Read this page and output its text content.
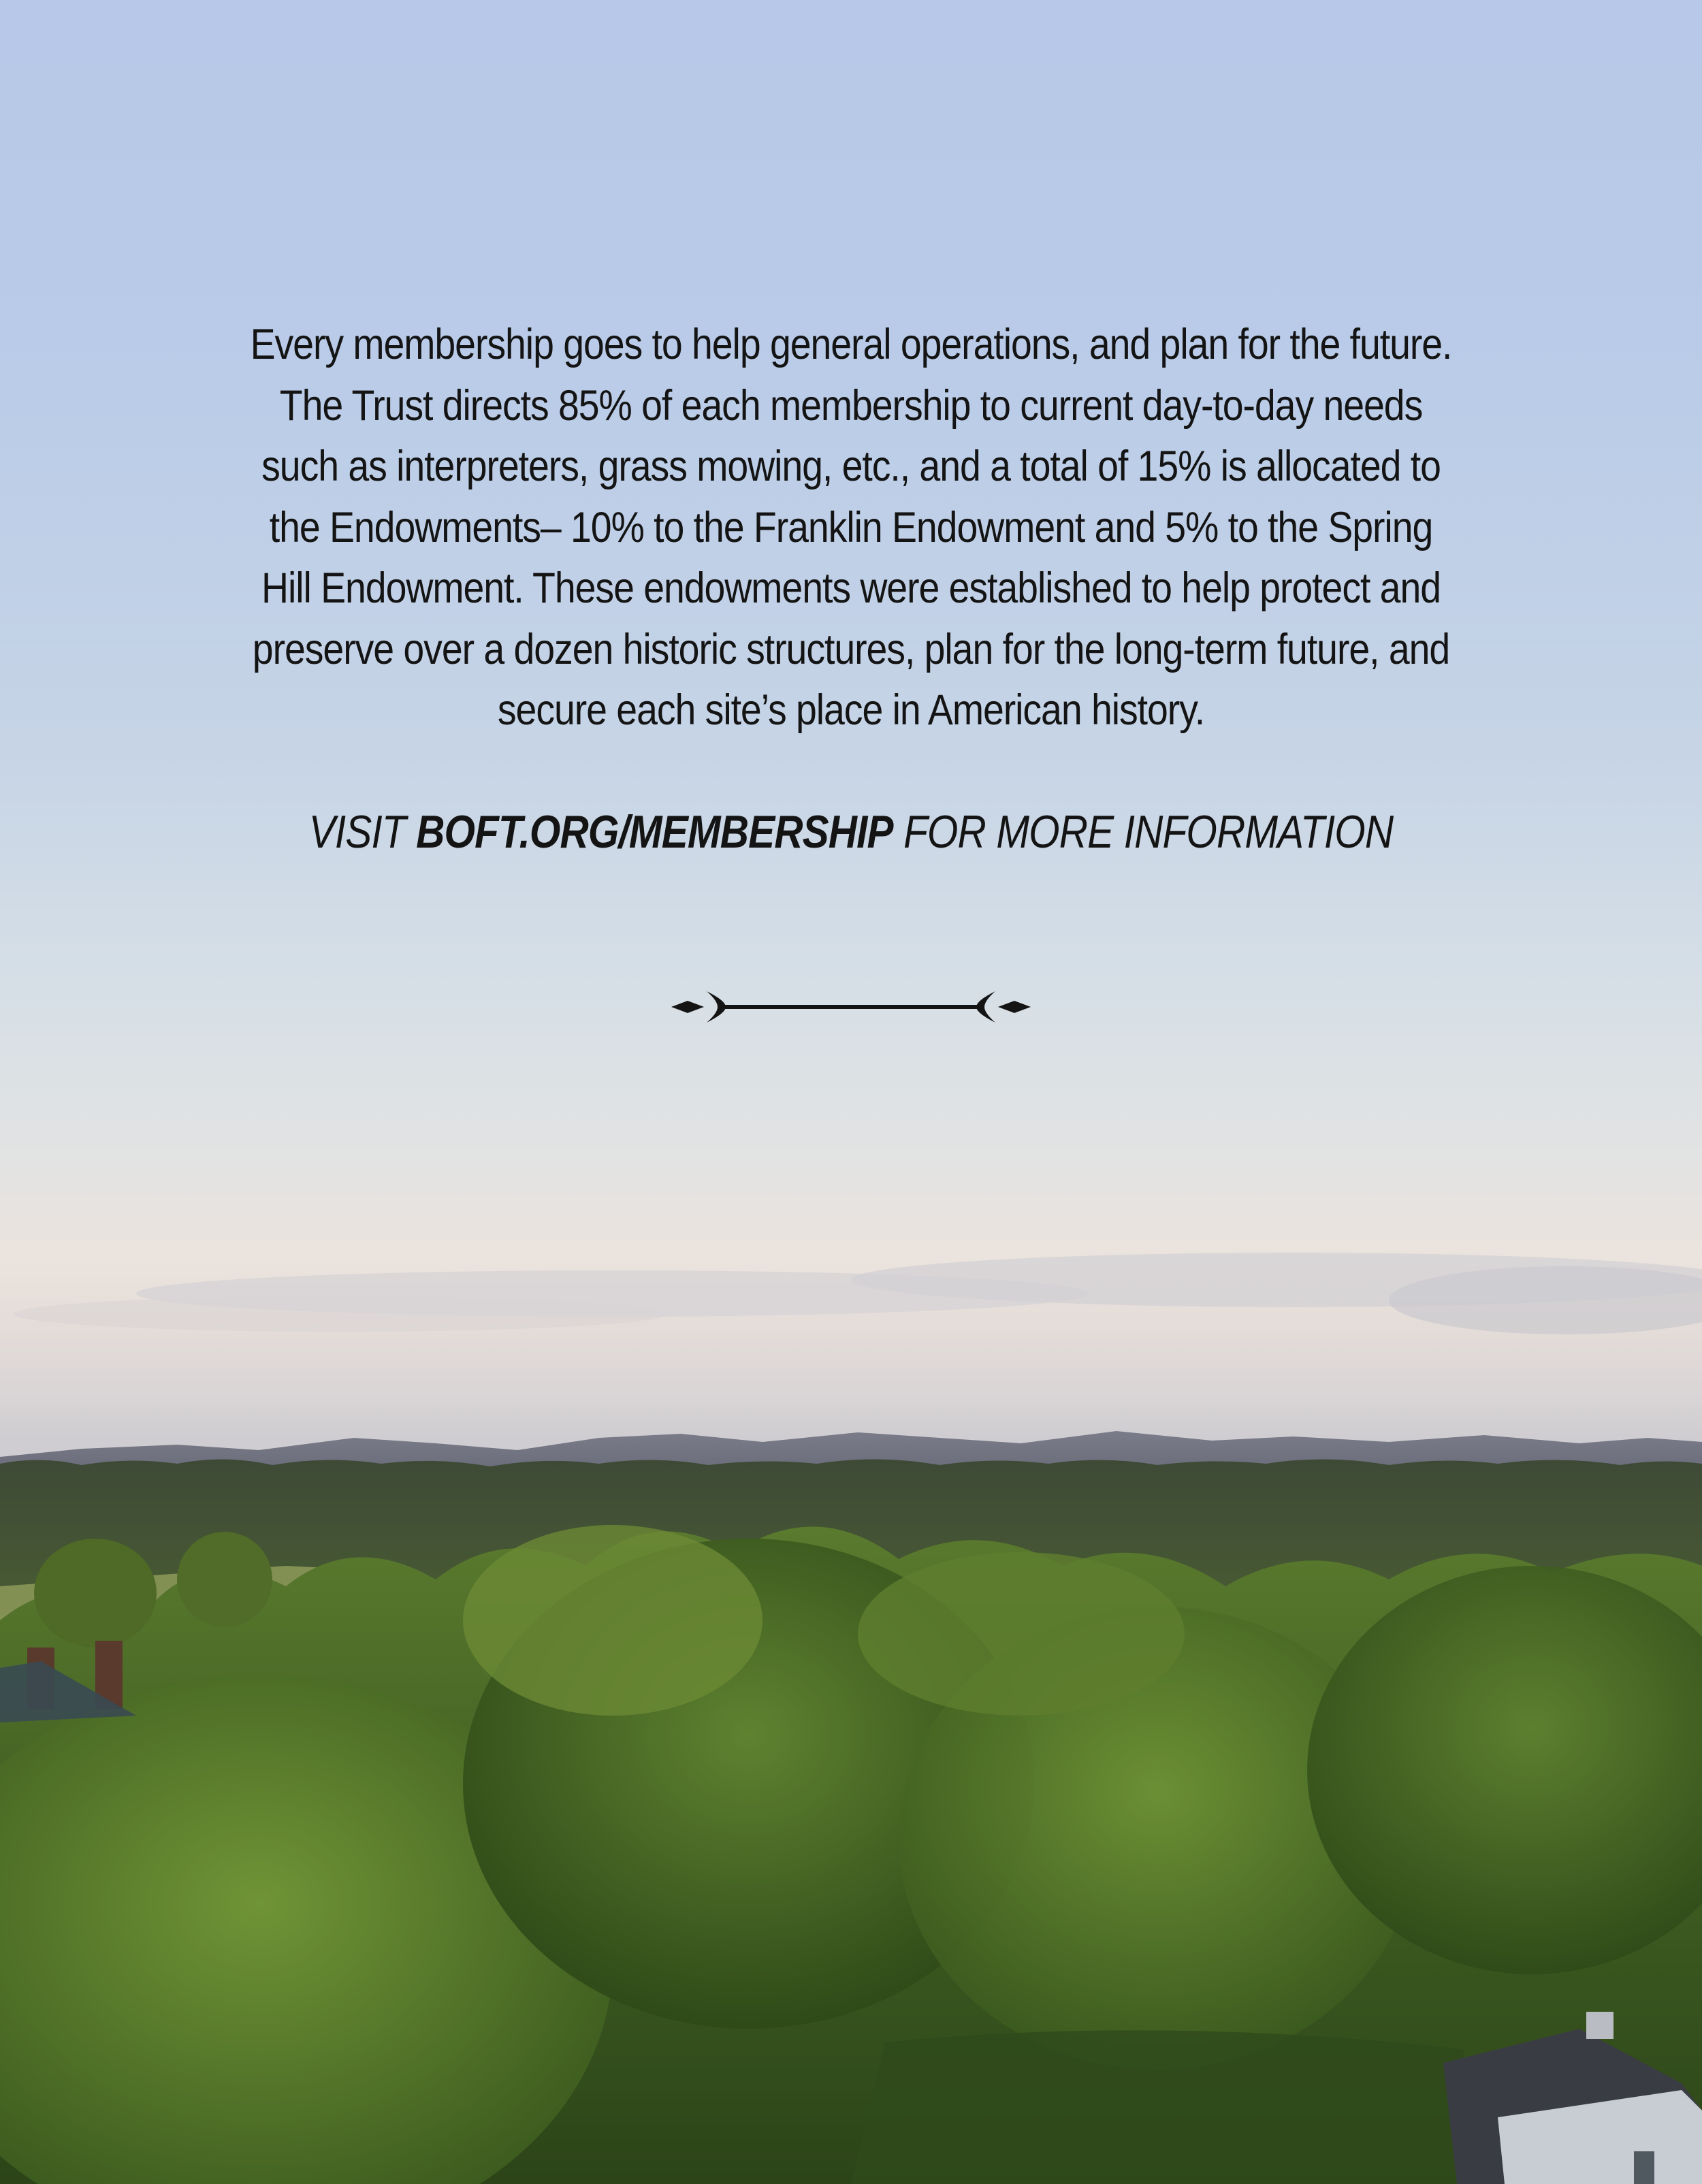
Every membership goes to help general operations, and plan for the future. The Trust directs 85% of each membership to current day-to-day needs such as interpreters, grass mowing, etc., and a total of 15% is allocated to the Endowments– 10% to the Franklin Endowment and 5% to the Spring Hill Endowment. These endowments were established to help protect and preserve over a dozen historic structures, plan for the long-term future, and secure each site’s place in American history.

VISIT BOFT.ORG/MEMBERSHIP FOR MORE INFORMATION
